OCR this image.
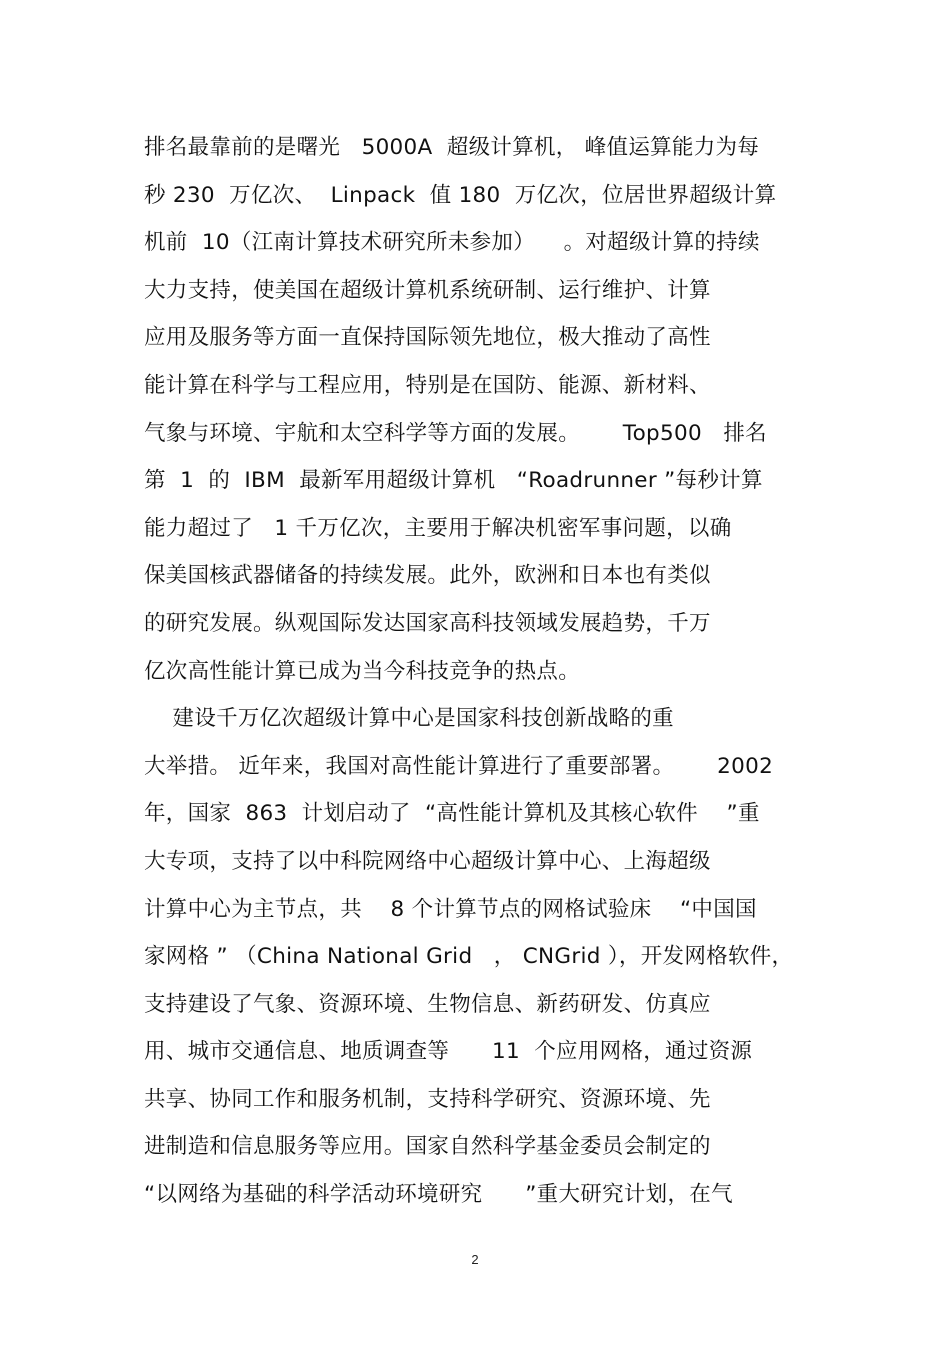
排名最靠前的是曙光   5000A  超级计算机， 峰值运算能力为每
秒 230  万亿次、  Linpack  值 180  万亿次，位居世界超级计算
机前  10（江南计算技术研究所未参加）    。对超级计算的持续
大力支持，使美国在超级计算机系统研制、运行维护、计算
应用及服务等方面一直保持国际领先地位，极大推动了高性
能计算在科学与工程应用，特别是在国防、能源、新材料、
气象与环境、宇航和太空科学等方面的发展。      Top500   排名
第  1  的  IBM  最新军用超级计算机   “Roadrunner ”每秒计算
能力超过了   1 千万亿次，主要用于解决机密军事问题，以确
保美国核武器储备的持续发展。此外，欧洲和日本也有类似
的研究发展。纵观国际发达国家高科技领域发展趋势，千万
亿次高性能计算已成为当今科技竞争的热点。
建设千万亿次超级计算中心是国家科技创新战略的重
大举措。 近年来，我国对高性能计算进行了重要部署。      2002
年，国家  863  计划启动了  “高性能计算机及其核心软件    ”重
大专项，支持了以中科院网络中心超级计算中心、上海超级
计算中心为主节点，共    8 个计算节点的网格试验床    “中国国
家网格 ” （China National Grid   ， CNGrid ），开发网格软件，
支持建设了气象、资源环境、生物信息、新药研发、仿真应
用、城市交通信息、地质调查等      11  个应用网格，通过资源
共享、协同工作和服务机制，支持科学研究、资源环境、先
进制造和信息服务等应用。国家自然科学基金委员会制定的
“以网络为基础的科学活动环境研究      ”重大研究计划，在气
2
